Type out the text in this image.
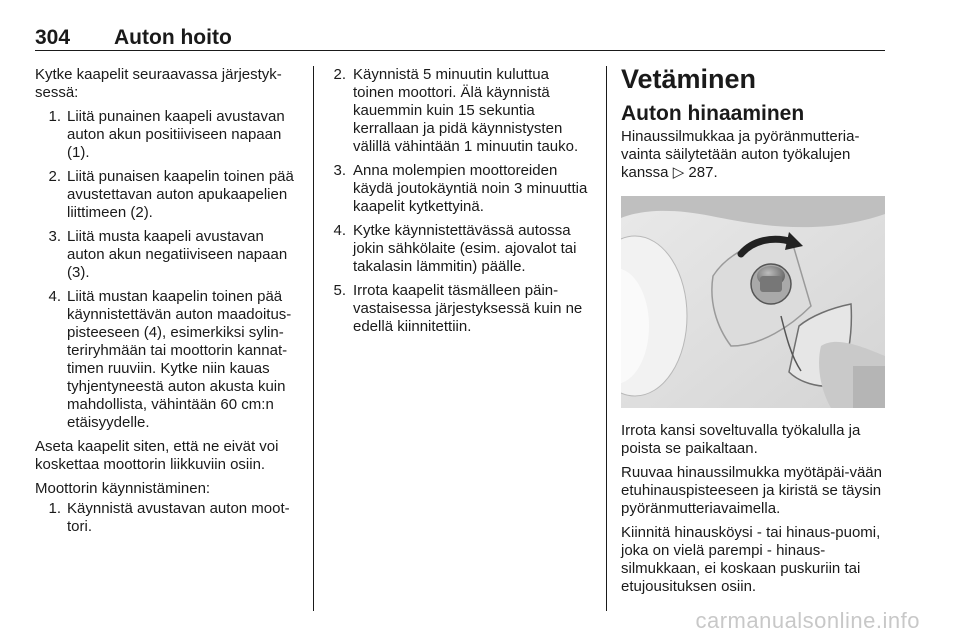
304 Auton hoito

Kytke kaapelit seuraavassa järjestyk-sessä:

1. Liitä punainen kaapeli avustavan auton akun positiiviseen napaan (1).
2. Liitä punaisen kaapelin toinen pää avustettavan auton apukaapelien liittimeen (2).
3. Liitä musta kaapeli avustavan auton akun negatiiviseen napaan (3).
4. Liitä mustan kaapelin toinen pää käynnistettävän auton maadoitus-pisteeseen (4), esimerkiksi sylin-teriryhmään tai moottorin kannat-timen ruuviin. Kytke niin kauas tyhjentyneestä auton akusta kuin mahdollista, vähintään 60 cm:n etäisyydelle.

Aseta kaapelit siten, että ne eivät voi koskettaa moottorin liikkuviin osiin.

Moottorin käynnistäminen:

1. Käynnistä avustavan auton moot-tori.
2. Käynnistä 5 minuutin kuluttua toinen moottori. Älä käynnistä kauemmin kuin 15 sekuntia kerrallaan ja pidä käynnistysten välillä vähintään 1 minuutin tauko.
3. Anna molempien moottoreiden käydä joutokäyntiä noin 3 minuuttia kaapelit kytkettyinä.
4. Kytke käynnistettävässä autossa jokin sähkölaite (esim. ajovalot tai takalasin lämmitin) päälle.
5. Irrota kaapelit täsmälleen päin-vastaisessa järjestyksessä kuin ne edellä kiinnitettiin.
Vetäminen
Auton hinaaminen

Hinaussilmukkaa ja pyöränmutteria-vainta säilytetään auton työkalujen kanssa ▷ 287.

Irrota kansi soveltuvalla työkalulla ja poista se paikaltaan.

Ruuvaa hinaussilmukka myötäpäi-vään etuhinauspisteeseen ja kiristä se täysin pyöränmutteriavaimella.

Kiinnitä hinausköysi - tai hinaus-puomi, joka on vielä parempi - hinaus-silmukkaan, ei koskaan puskuriin tai etujousituksen osiin.

carmanualsonline.info
